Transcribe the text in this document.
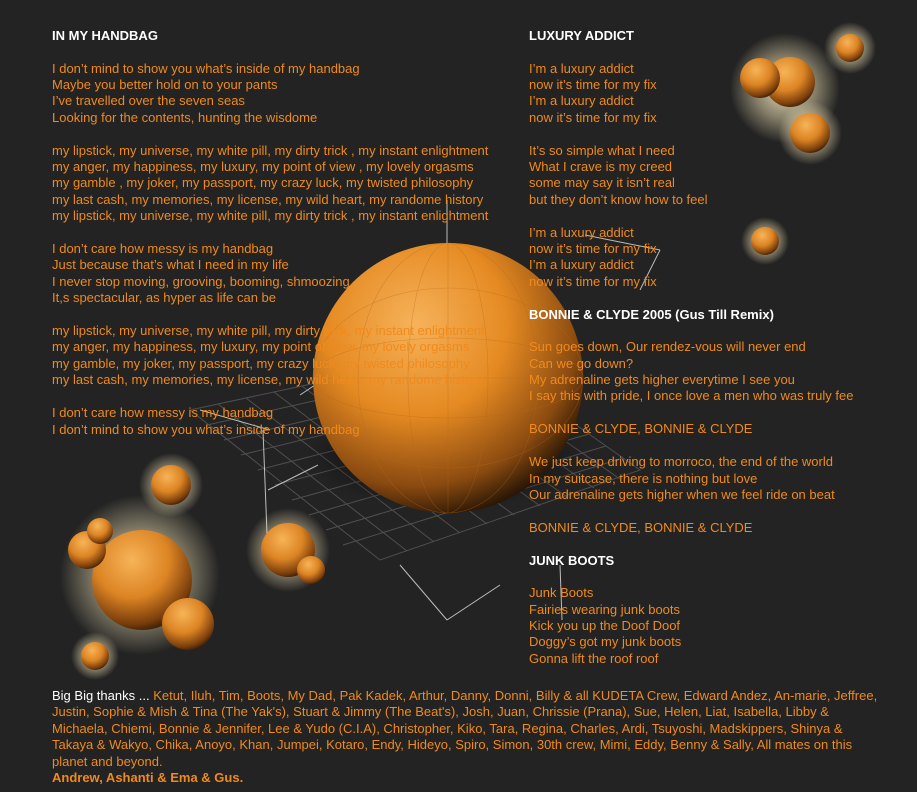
IN MY HANDBAG
I don’t mind to show you what’s inside of my handbag
Maybe you better hold on to your pants
I’ve travelled over the seven seas
Looking for the contents, hunting the wisdome
my lipstick, my universe, my white pill, my dirty trick , my instant enlightment
my anger, my happiness, my luxury, my point of view , my lovely orgasms
my gamble , my joker, my passport, my crazy luck, my twisted philosophy
my last cash, my memories, my license, my wild heart, my randome history
my lipstick, my universe, my white pill, my dirty trick , my instant enlightment
I don’t care how messy is my handbag
Just because that’s what I need in my life
I never stop moving, grooving, booming, shmoozing
It,s spectacular, as hyper as life can be
my lipstick, my universe, my white pill, my dirty trick, my instant enlightment
my anger, my happiness, my luxury, my point of view, my lovely orgasms
my gamble, my joker, my passport, my crazy luck, my twisted philosophy
my last cash, my memories, my license, my wild heart, my randome history
I don’t care how messy is my handbag
I don’t mind to show you what’s inside of my handbag
LUXURY ADDICT
I’m a luxury addict
now it’s time for my fix
I’m a luxury addict
now it’s time for my fix
It’s so simple what I need
What I crave is my creed
some may say it isn’t real
but they don’t know how to feel
I’m a luxury addict
now it’s time for my fix
I’m a luxury addict
now it’s time for my fix
BONNIE & CLYDE 2005 (Gus Till Remix)
Sun goes down, Our rendez-vous will never end
Can we go down?
My adrenaline gets higher everytime I see you
I say this with pride, I once love a men who was truly fee
BONNIE & CLYDE, BONNIE & CLYDE
We just keep driving to morroco, the end of the world
In my suitcase, there is nothing but love
Our adrenaline gets higher when we feel ride on beat
BONNIE & CLYDE, BONNIE & CLYDE
JUNK BOOTS
Junk Boots
Fairies wearing junk boots
Kick you up the Doof Doof
Doggy’s got my junk boots
Gonna lift the roof roof
Big Big thanks ... Ketut, Iluh, Tim, Boots, My Dad, Pak Kadek, Arthur, Danny, Donni, Billy & all KUDETA Crew, Edward Andez, An-marie, Jeffree, Justin, Sophie & Mish & Tina (The Yak's), Stuart & Jimmy (The Beat's), Josh, Juan, Chrissie (Prana), Sue, Helen, Liat, Isabella, Libby & Michaela, Chiemi, Bonnie & Jennifer, Lee & Yudo (C.I.A), Christopher, Kiko, Tara, Regina, Charles, Ardi, Tsuyoshi, Madskippers, Shinya & Takaya & Wakyo, Chika, Anoyo, Khan, Jumpei, Kotaro, Endy, Hideyo, Spiro, Simon, 30th crew, Mimi, Eddy, Benny & Sally, All mates on this planet and beyond.
Andrew, Ashanti & Ema & Gus.
